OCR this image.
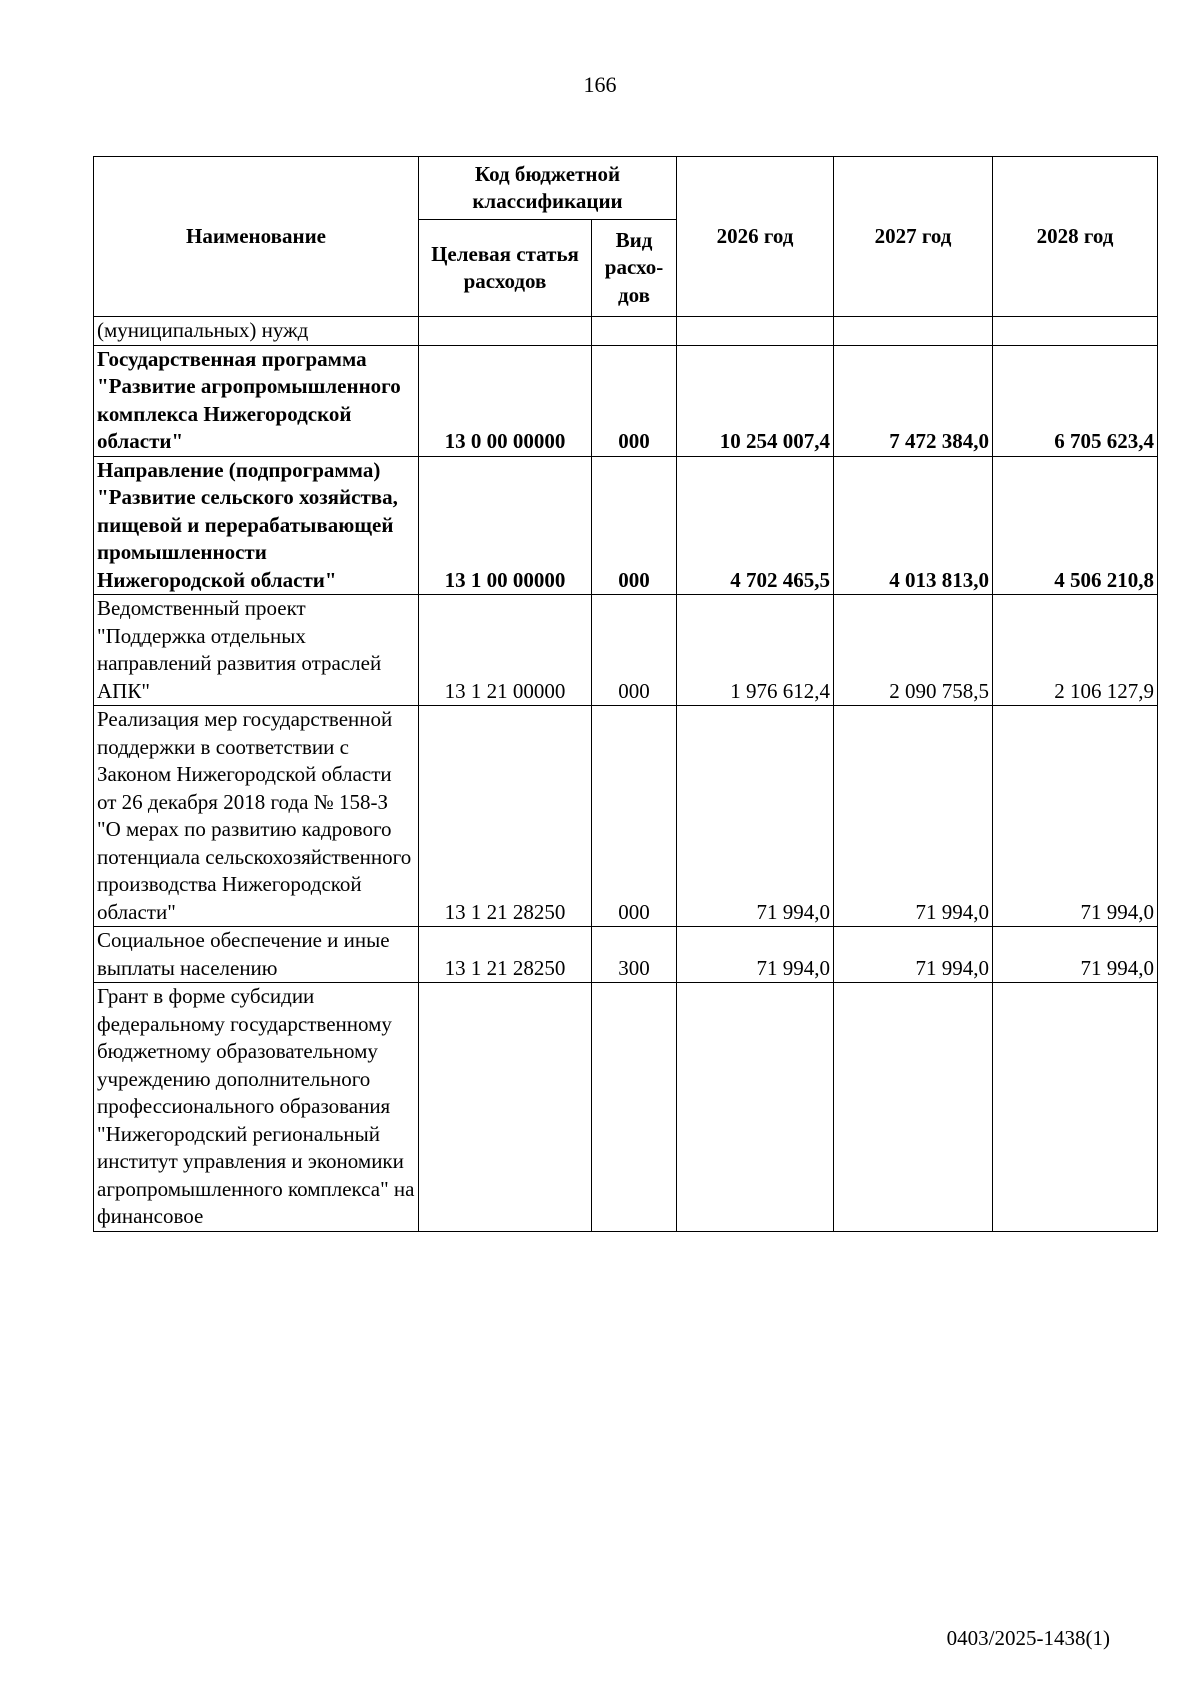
166
Наименование	Код бюджетной классификации		2026 год	2027 год	2028 год
	Целевая статья расходов	Вид расхо-дов			
(муниципальных) нужд					
Государственная программа "Развитие агропромышленного комплекса Нижегородской области"	13 0 00 00000	000	10 254 007,4	7 472 384,0	6 705 623,4
Направление (подпрограмма) "Развитие сельского хозяйства, пищевой и перерабатывающей промышленности Нижегородской области"	13 1 00 00000	000	4 702 465,5	4 013 813,0	4 506 210,8
Ведомственный проект "Поддержка отдельных направлений развития отраслей АПК"	13 1 21 00000	000	1 976 612,4	2 090 758,5	2 106 127,9
Реализация мер государственной поддержки в соответствии с Законом Нижегородской области от 26 декабря 2018 года № 158-З "О мерах по развитию кадрового потенциала сельскохозяйственного производства Нижегородской области"	13 1 21 28250	000	71 994,0	71 994,0	71 994,0
Социальное обеспечение и иные выплаты населению	13 1 21 28250	300	71 994,0	71 994,0	71 994,0
Грант в форме субсидии федеральному государственному бюджетному образовательному учреждению дополнительного профессионального образования "Нижегородский региональный институт управления и экономики агропромышленного комплекса" на финансовое					
0403/2025-1438(1)
